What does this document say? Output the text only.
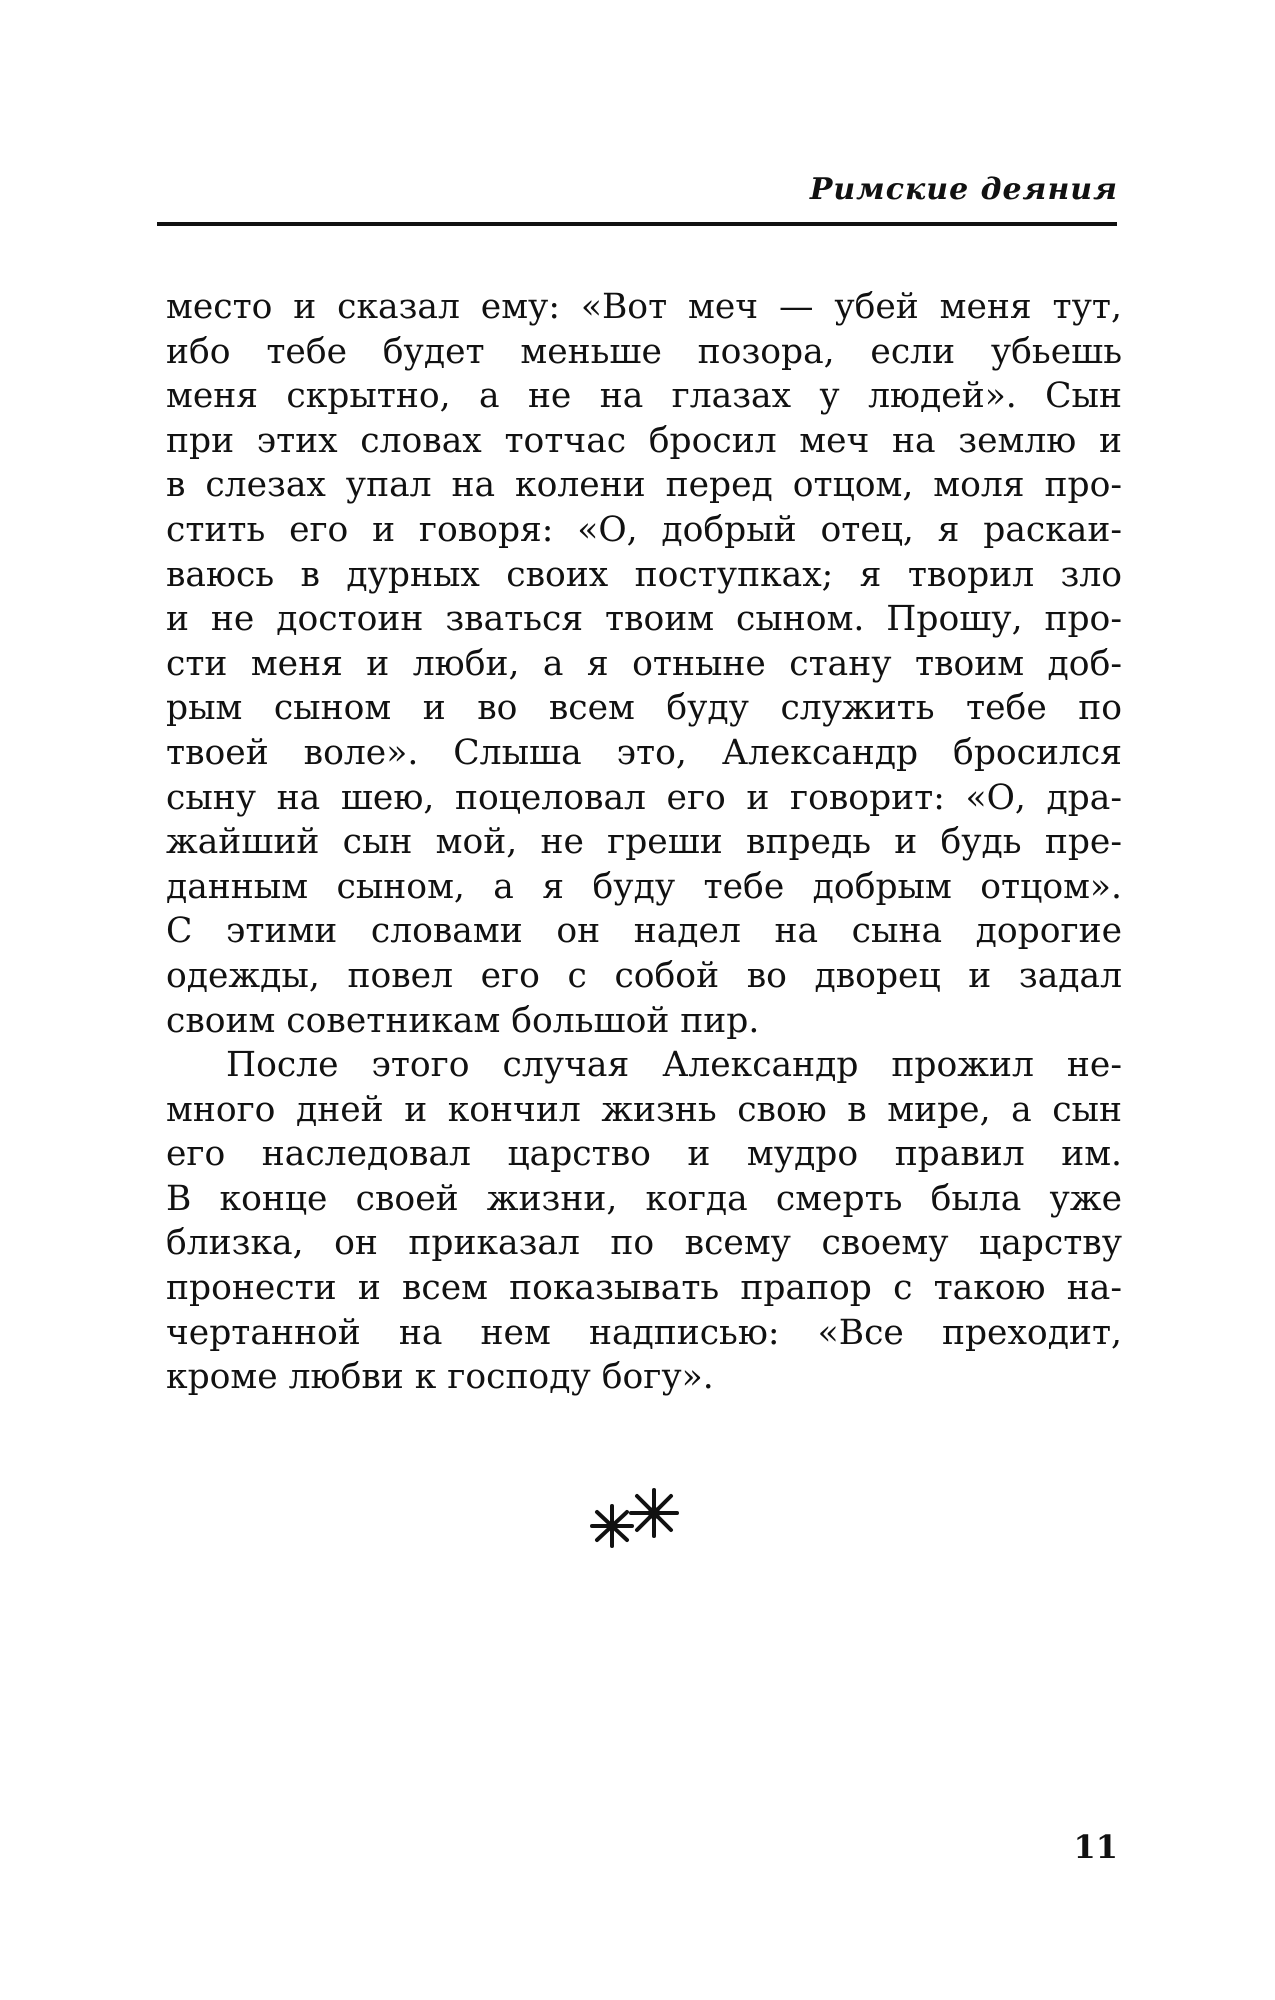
Римские деяния
место и сказал ему: «Вот меч — убей меня тут,
ибо тебе будет меньше позора, если убьешь
меня скрытно, а не на глазах у людей». Сын
при этих словах тотчас бросил меч на землю и
в слезах упал на колени перед отцом, моля про-
стить его и говоря: «О, добрый отец, я раскаи-
ваюсь в дурных своих поступках; я творил зло
и не достоин зваться твоим сыном. Прошу, про-
сти меня и люби, а я отныне стану твоим доб-
рым сыном и во всем буду служить тебе по
твоей воле». Слыша это, Александр бросился
сыну на шею, поцеловал его и говорит: «О, дра-
жайший сын мой, не греши впредь и будь пре-
данным сыном, а я буду тебе добрым отцом».
С этими словами он надел на сына дорогие
одежды, повел его с собой во дворец и задал
своим советникам большой пир.
После этого случая Александр прожил не-
много дней и кончил жизнь свою в мире, а сын
его наследовал царство и мудро правил им.
В конце своей жизни, когда смерть была уже
близка, он приказал по всему своему царству
пронести и всем показывать прапор с такою на-
чертанной на нем надписью: «Все преходит,
кроме любви к господу богу».
11
